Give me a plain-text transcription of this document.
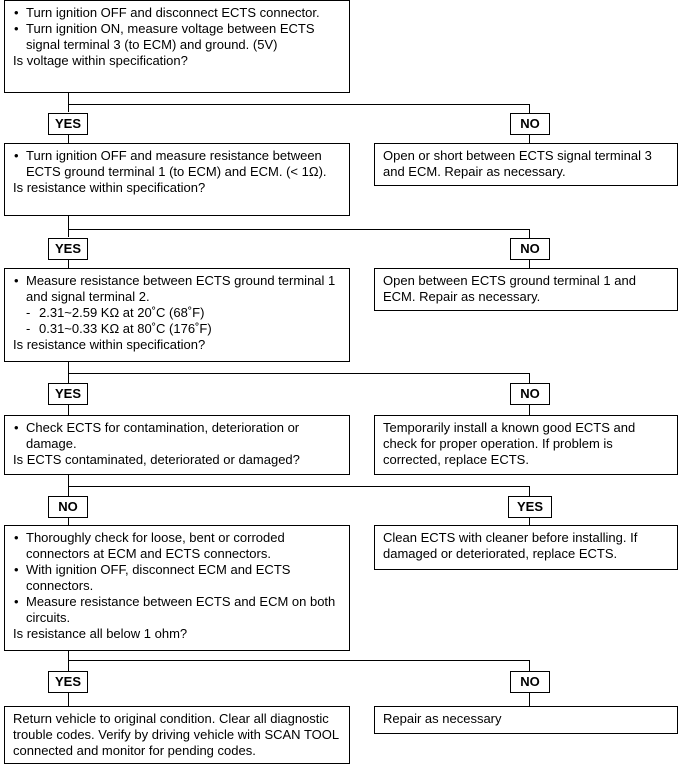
• Turn ignition OFF and disconnect ECTS connector.
• Turn ignition ON, measure voltage between ECTS signal terminal 3 (to ECM) and ground. (5V)
Is voltage within specification?
YES	NO
Open or short between ECTS signal terminal 3 and ECM. Repair as necessary.
• Turn ignition OFF and measure resistance between ECTS ground terminal 1 (to ECM) and ECM. (< 1Ω).
Is resistance within specification?
YES	NO
Open between ECTS ground terminal 1 and ECM. Repair as necessary.
• Measure resistance between ECTS ground terminal 1 and signal terminal 2.
- 2.31~2.59 KΩ at 20˚C (68˚F)
- 0.31~0.33 KΩ at 80˚C (176˚F)
Is resistance within specification?
YES	NO
Temporarily install a known good ECTS and check for proper operation. If problem is corrected, replace ECTS.
• Check ECTS for contamination, deterioration or damage.
Is ECTS contaminated, deteriorated or damaged?
NO	YES
Clean ECTS with cleaner before installing. If damaged or deteriorated, replace ECTS.
• Thoroughly check for loose, bent or corroded connectors at ECM and ECTS connectors.
• With ignition OFF, disconnect ECM and ECTS connectors.
• Measure resistance between ECTS and ECM on both circuits.
Is resistance all below 1 ohm?
YES	NO
Return vehicle to original condition. Clear all diagnostic trouble codes. Verify by driving vehicle with SCAN TOOL connected and monitor for pending codes.
Repair as necessary
